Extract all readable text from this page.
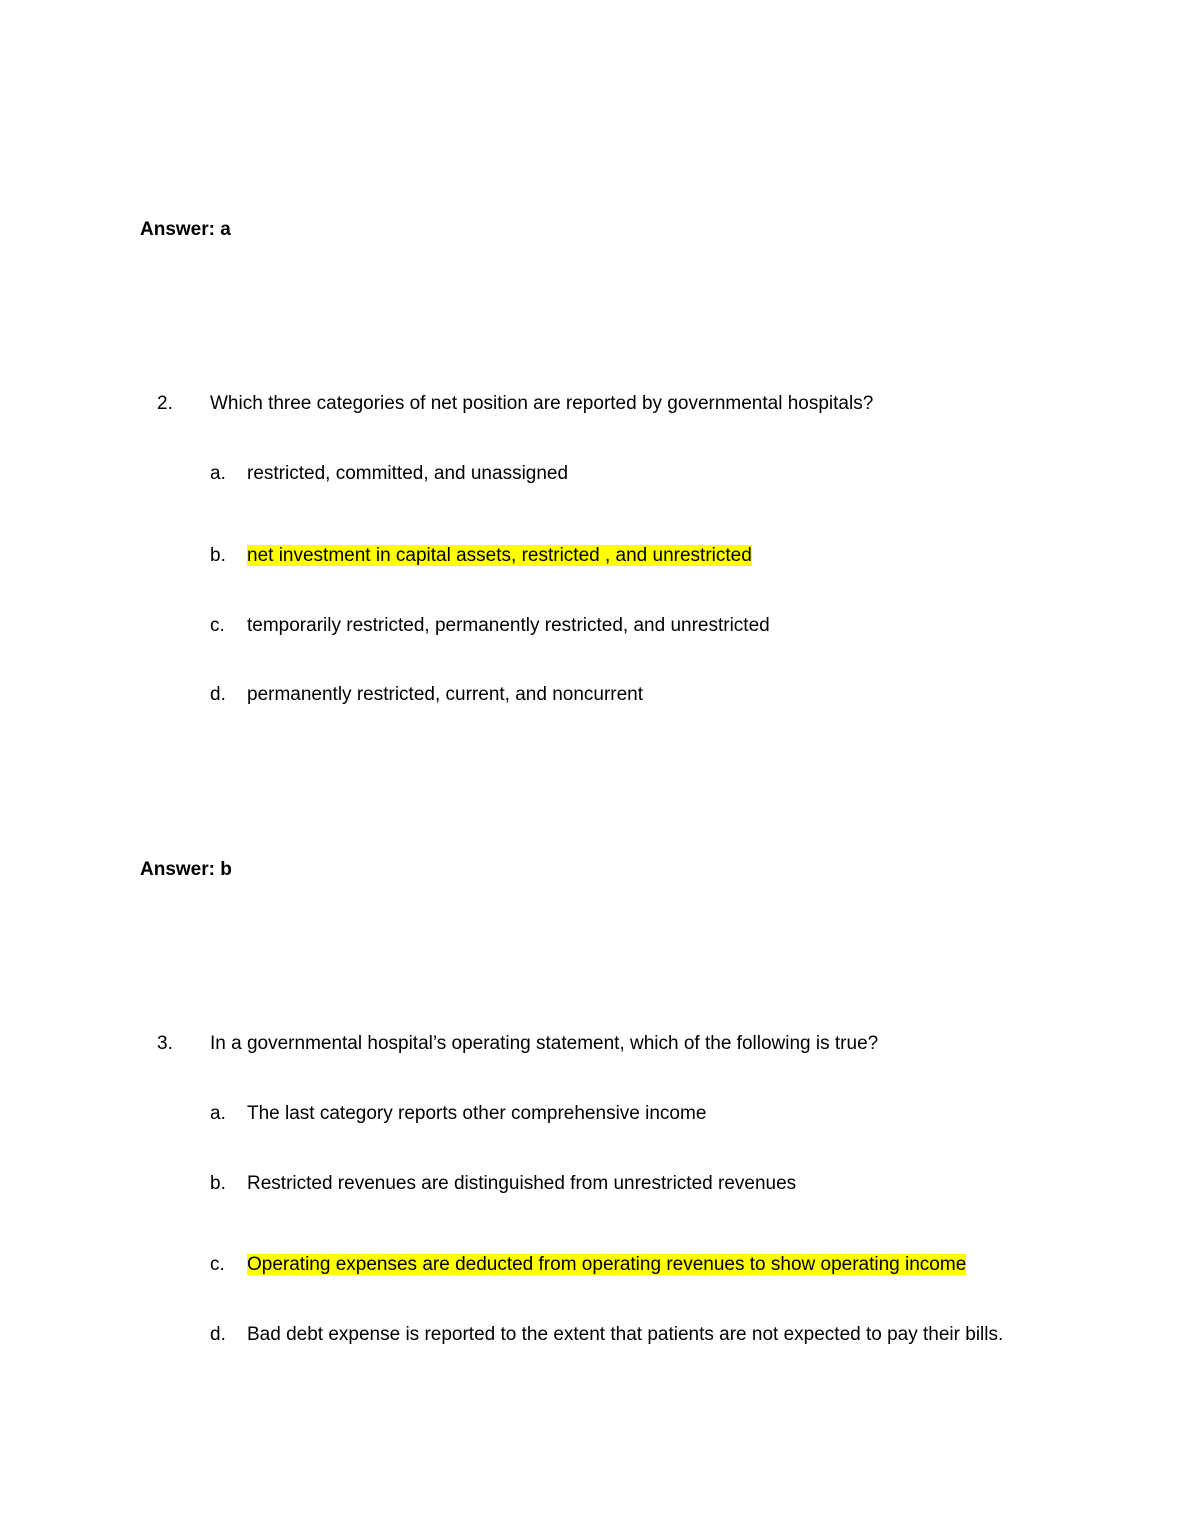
Answer: a
2. Which three categories of net position are reported by governmental hospitals?
a. restricted, committed, and unassigned
b. net investment in capital assets, restricted , and unrestricted
c. temporarily restricted, permanently restricted, and unrestricted
d. permanently restricted, current, and noncurrent
Answer: b
3. In a governmental hospital’s operating statement, which of the following is true?
a. The last category reports other comprehensive income
b. Restricted revenues are distinguished from unrestricted revenues
c. Operating expenses are deducted from operating revenues to show operating income
d. Bad debt expense is reported to the extent that patients are not expected to pay their bills.
